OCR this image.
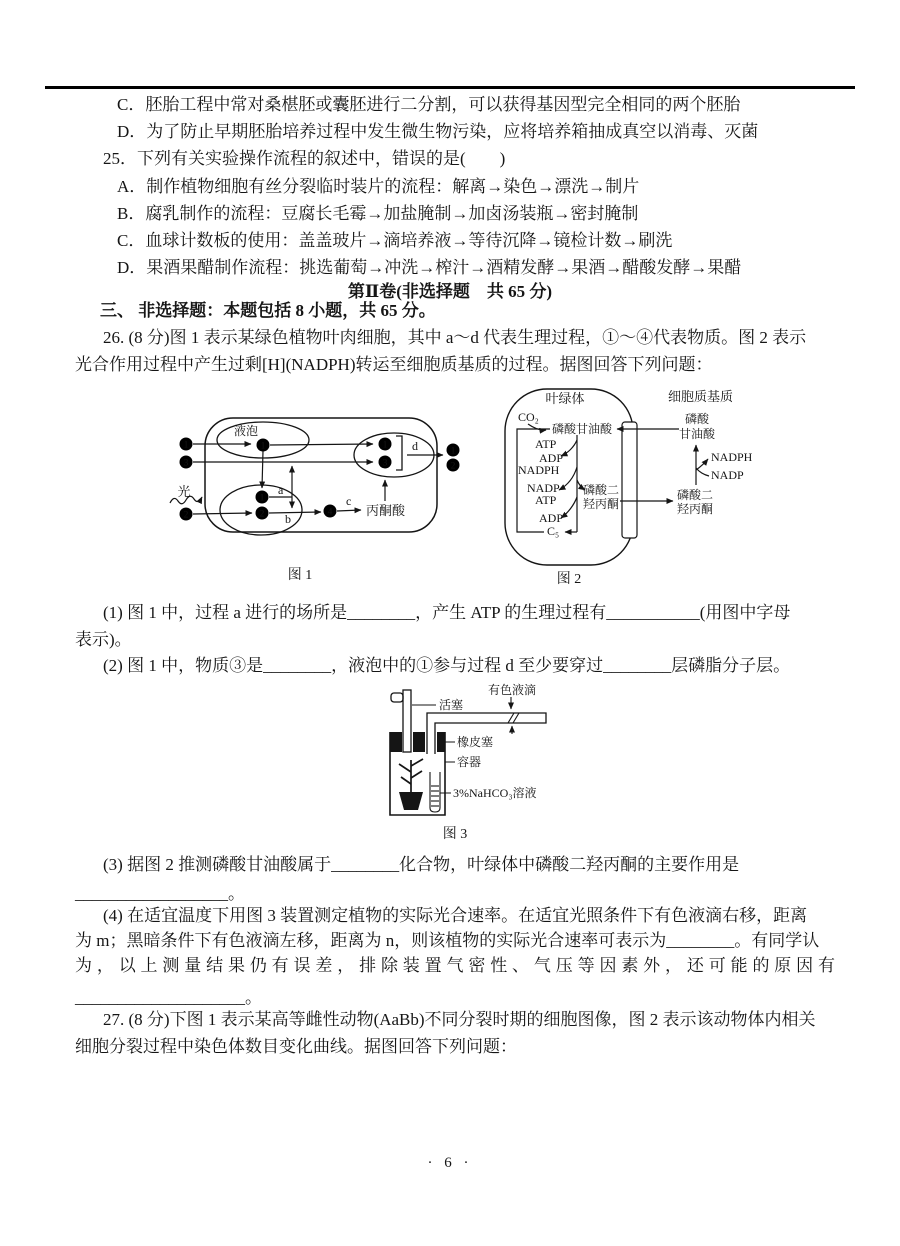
C．胚胎工程中常对桑椹胚或囊胚进行二分割，可以获得基因型完全相同的两个胚胎
D．为了防止早期胚胎培养过程中发生微生物污染，应将培养箱抽成真空以消毒、灭菌
25．下列有关实验操作流程的叙述中，错误的是(　　)
A．制作植物细胞有丝分裂临时装片的流程：解离→染色→漂洗→制片
B．腐乳制作的流程：豆腐长毛霉→加盐腌制→加卤汤装瓶→密封腌制
C．血球计数板的使用：盖盖玻片→滴培养液→等待沉降→镜检计数→刷洗
D．果酒果醋制作流程：挑选葡萄→冲洗→榨汁→酒精发酵→果酒→醋酸发酵→果醋
第Ⅱ卷(非选择题　共 65 分)
三、 非选择题：本题包括 8 小题，共 65 分。
26. (8 分)图 1 表示某绿色植物叶肉细胞，其中 a～d 代表生理过程，①～④代表物质。图 2 表示
光合作用过程中产生过剩[H](NADPH)转运至细胞质基质的过程。据图回答下列问题：
1
3
2
1
1
2
1
3
1
2
4
液泡
光	a
b
c
d
丙酮酸
图 1
叶绿体	细胞质基质
CO₂
磷酸甘油酸
ATP
ADP
NADPH
NADP
ATP
ADP
C₅
磷酸二
羟丙酮
磷酸
甘油酸
磷酸二
羟丙酮
NADPH
NADP
图 2
(1) 图 1 中，过程 a 进行的场所是________，产生 ATP 的生理过程有___________(用图中字母
表示)。
(2) 图 1 中，物质③是________，液泡中的①参与过程 d 至少要穿过________层磷脂分子层。
有色液滴
活塞
橡皮塞
容器
3%NaHCO₃溶液
图 3
(3) 据图 2 推测磷酸甘油酸属于________化合物，叶绿体中磷酸二羟丙酮的主要作用是
__________________。
(4) 在适宜温度下用图 3 装置测定植物的实际光合速率。在适宜光照条件下有色液滴右移，距离
为 m；黑暗条件下有色液滴左移，距离为 n，则该植物的实际光合速率可表示为________。有同学认
为，以上测量结果仍有误差，排除装置气密性、气压等因素外，还可能的原因有
____________________。
27. (8 分)下图 1 表示某高等雌性动物(AaBb)不同分裂时期的细胞图像，图 2 表示该动物体内相关
细胞分裂过程中染色体数目变化曲线。据图回答下列问题：
· 6 ·
